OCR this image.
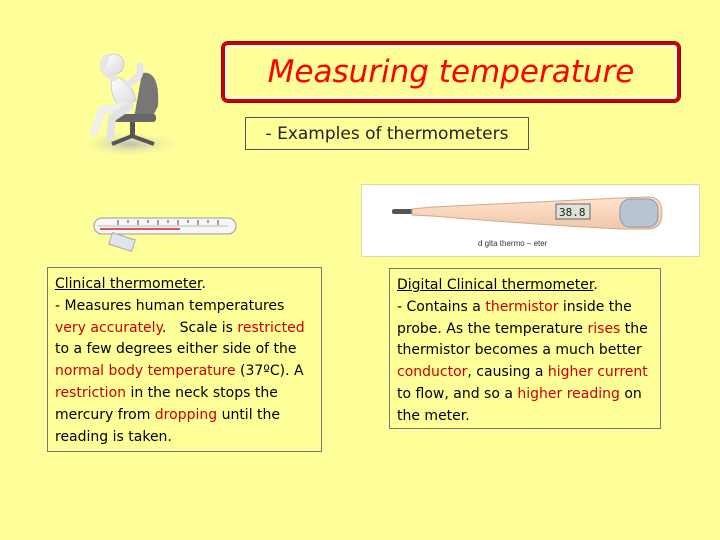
Measuring temperature
- Examples of thermometers
38.8
d glta thermo – eter
Clinical thermometer.
- Measures human temperatures very accurately.   Scale is restricted to a few degrees either side of the normal body temperature (37ºC). A restriction in the neck stops the mercury from dropping until the reading is taken.
Digital Clinical thermometer.
- Contains a thermistor inside the probe. As the temperature rises the thermistor becomes a much better conductor, causing a higher current to flow, and so a higher reading on the meter.
